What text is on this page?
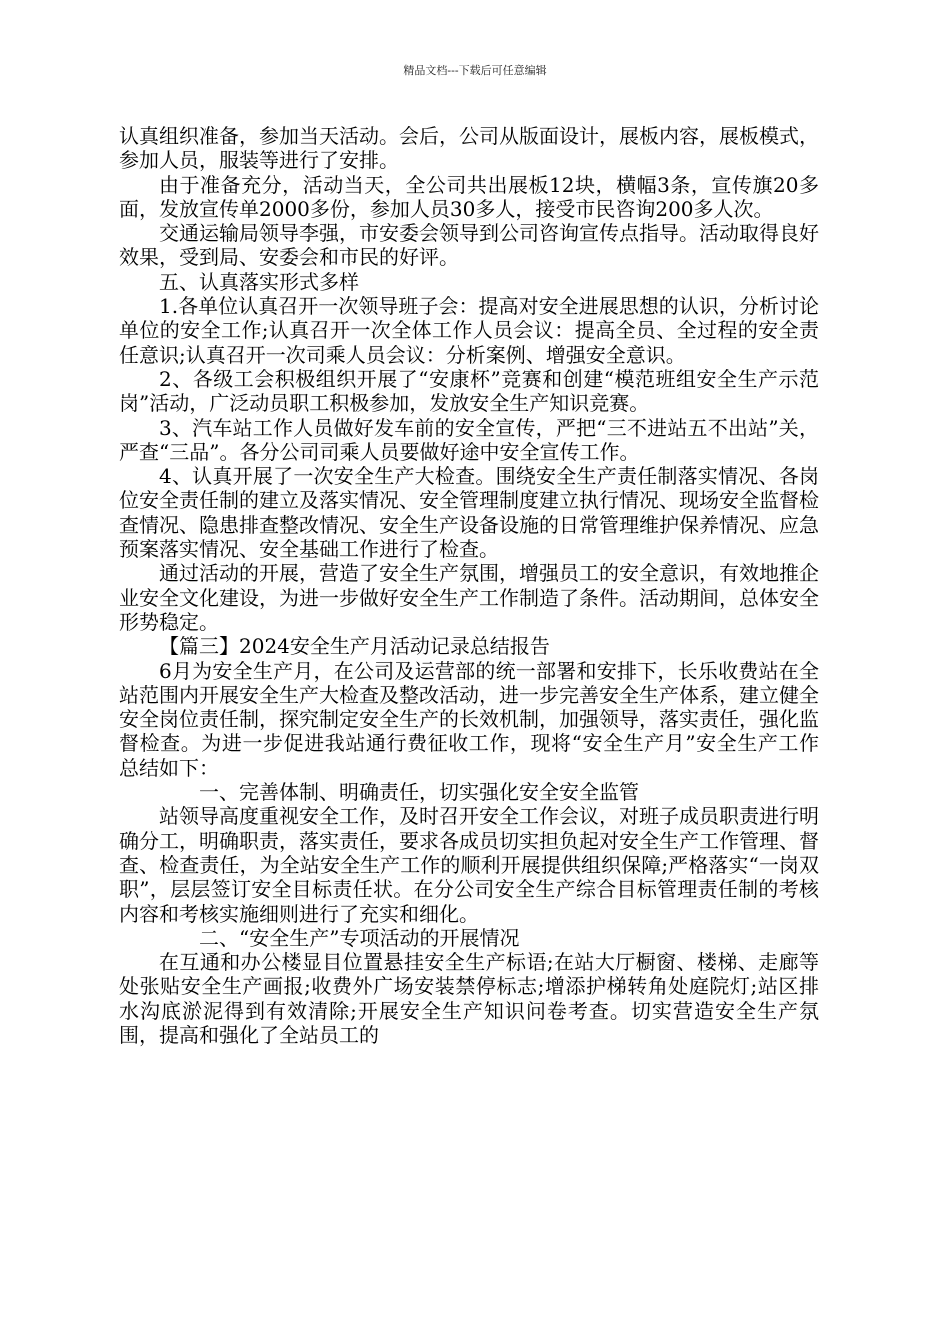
精品文档---下载后可任意编辑

认真组织准备，参加当天活动。会后，公司从版面设计，展板内容，展板模式，参加人员，服装等进行了安排。

由于准备充分，活动当天，全公司共出展板12块，横幅3条，宣传旗20多面，发放宣传单2000多份，参加人员30多人，接受市民咨询200多人次。

交通运输局领导李强，市安委会领导到公司咨询宣传点指导。活动取得良好效果，受到局、安委会和市民的好评。

五、认真落实形式多样

1.各单位认真召开一次领导班子会：提高对安全进展思想的认识，分析讨论单位的安全工作;认真召开一次全体工作人员会议：提高全员、全过程的安全责任意识;认真召开一次司乘人员会议：分析案例、增强安全意识。

2、各级工会积极组织开展了“安康杯”竞赛和创建“模范班组安全生产示范岗”活动，广泛动员职工积极参加，发放安全生产知识竞赛。

3、汽车站工作人员做好发车前的安全宣传，严把“三不进站五不出站”关，严查“三品”。各分公司司乘人员要做好途中安全宣传工作。

4、认真开展了一次安全生产大检查。围绕安全生产责任制落实情况、各岗位安全责任制的建立及落实情况、安全管理制度建立执行情况、现场安全监督检查情况、隐患排查整改情况、安全生产设备设施的日常管理维护保养情况、应急预案落实情况、安全基础工作进行了检查。

通过活动的开展，营造了安全生产氛围，增强员工的安全意识，有效地推企业安全文化建设，为进一步做好安全生产工作制造了条件。活动期间，总体安全形势稳定。

【篇三】2024安全生产月活动记录总结报告

6月为安全生产月，在公司及运营部的统一部署和安排下，长乐收费站在全站范围内开展安全生产大检查及整改活动，进一步完善安全生产体系，建立健全安全岗位责任制，探究制定安全生产的长效机制，加强领导，落实责任，强化监督检查。为进一步促进我站通行费征收工作，现将“安全生产月”安全生产工作总结如下：

一、完善体制、明确责任，切实强化安全安全监管

站领导高度重视安全工作，及时召开安全工作会议，对班子成员职责进行明确分工，明确职责，落实责任，要求各成员切实担负起对安全生产工作管理、督查、检查责任，为全站安全生产工作的顺利开展提供组织保障;严格落实“一岗双职”，层层签订安全目标责任状。在分公司安全生产综合目标管理责任制的考核内容和考核实施细则进行了充实和细化。

二、“安全生产”专项活动的开展情况

在互通和办公楼显目位置悬挂安全生产标语;在站大厅橱窗、楼梯、走廊等处张贴安全生产画报;收费外广场安装禁停标志;增添护梯转角处庭院灯;站区排水沟底淤泥得到有效清除;开展安全生产知识问卷考查。切实营造安全生产氛围，提高和强化了全站员工的
